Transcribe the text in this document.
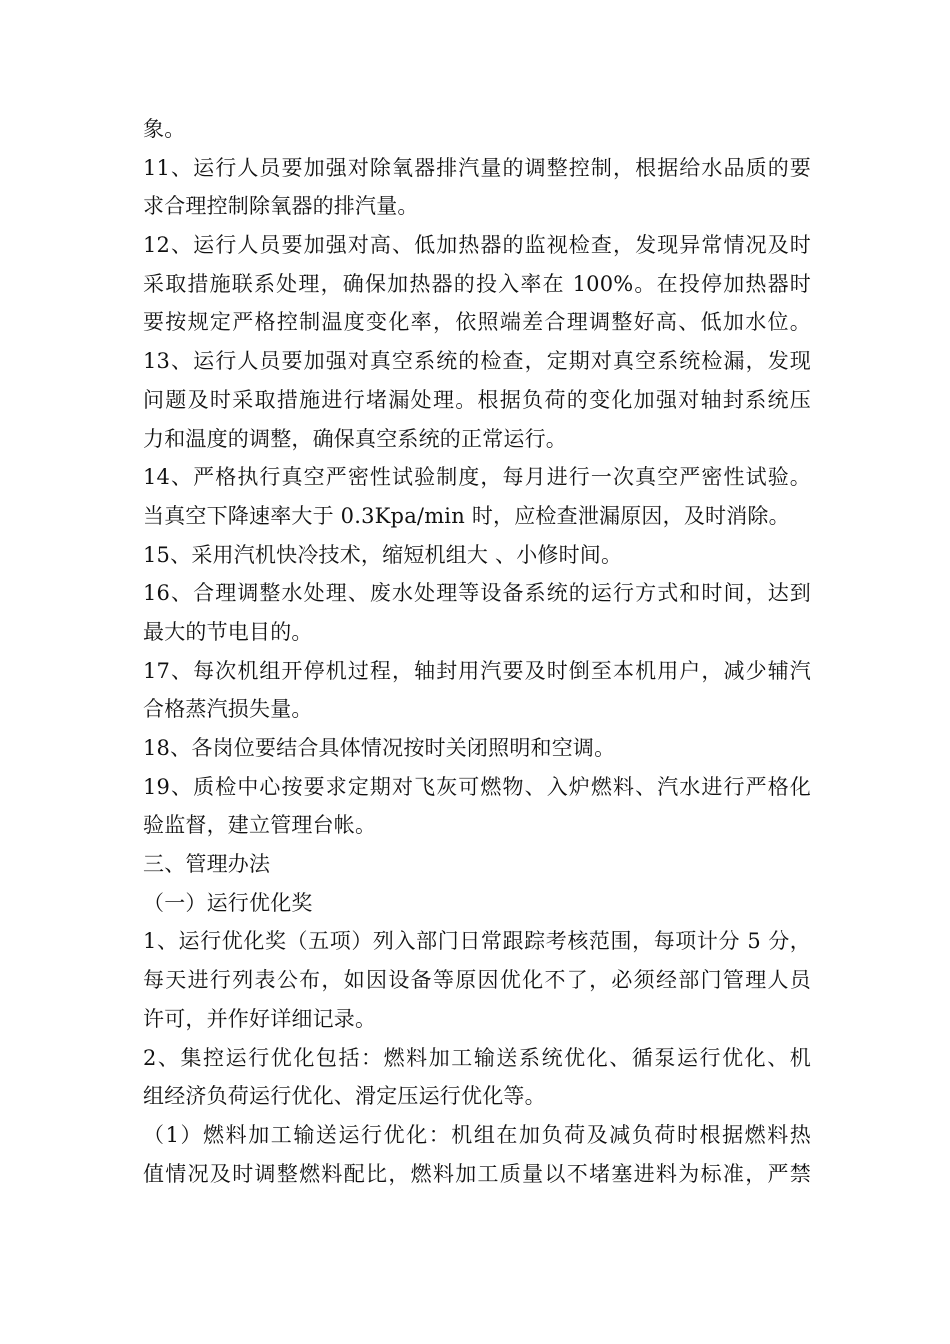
象。
11、运行人员要加强对除氧器排汽量的调整控制，根据给水品质的要
求合理控制除氧器的排汽量。
12、运行人员要加强对高、低加热器的监视检查，发现异常情况及时
采取措施联系处理，确保加热器的投入率在 100%。在投停加热器时
要按规定严格控制温度变化率，依照端差合理调整好高、低加水位。
13、运行人员要加强对真空系统的检查，定期对真空系统检漏，发现
问题及时采取措施进行堵漏处理。根据负荷的变化加强对轴封系统压
力和温度的调整，确保真空系统的正常运行。
14、严格执行真空严密性试验制度，每月进行一次真空严密性试验。
当真空下降速率大于 0.3Kpa/min 时，应检查泄漏原因，及时消除。
15、采用汽机快冷技术，缩短机组大 、小修时间。
16、合理调整水处理、废水处理等设备系统的运行方式和时间，达到
最大的节电目的。
17、每次机组开停机过程，轴封用汽要及时倒至本机用户，减少辅汽
合格蒸汽损失量。
18、各岗位要结合具体情况按时关闭照明和空调。
19、质检中心按要求定期对飞灰可燃物、入炉燃料、汽水进行严格化
验监督，建立管理台帐。
三、管理办法
（一）运行优化奖
1、运行优化奖（五项）列入部门日常跟踪考核范围，每项计分 5 分，
每天进行列表公布，如因设备等原因优化不了，必须经部门管理人员
许可，并作好详细记录。
2、集控运行优化包括：燃料加工输送系统优化、循泵运行优化、机
组经济负荷运行优化、滑定压运行优化等。
（1）燃料加工输送运行优化：机组在加负荷及减负荷时根据燃料热
值情况及时调整燃料配比，燃料加工质量以不堵塞进料为标准，严禁
